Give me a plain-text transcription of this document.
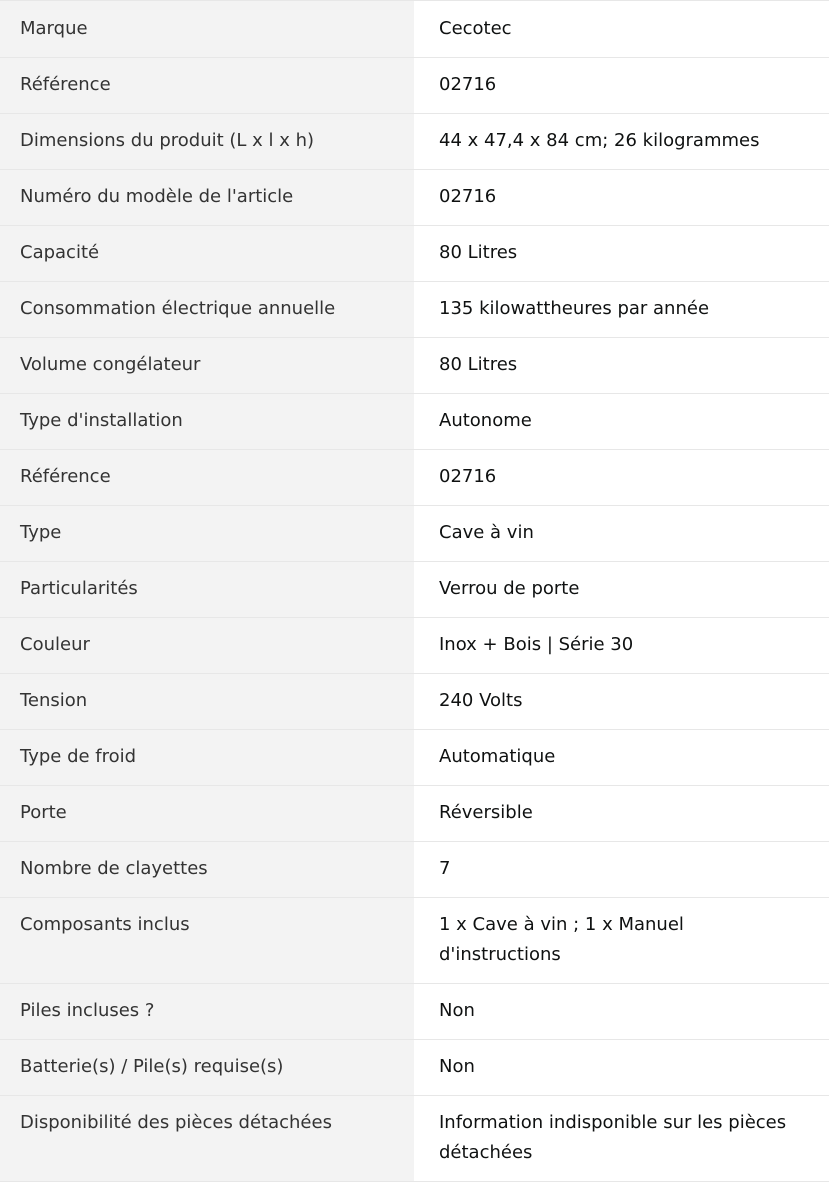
Marque	Cecotec
Référence	02716
Dimensions du produit (L x l x h)	44 x 47,4 x 84 cm; 26 kilogrammes
Numéro du modèle de l'article	02716
Capacité	80 Litres
Consommation électrique annuelle	135 kilowattheures par année
Volume congélateur	80 Litres
Type d'installation	Autonome
Référence	02716
Type	Cave à vin
Particularités	Verrou de porte
Couleur	Inox + Bois | Série 30
Tension	240 Volts
Type de froid	Automatique
Porte	Réversible
Nombre de clayettes	7
Composants inclus	1 x Cave à vin ; 1 x Manuel d'instructions
Piles incluses ?	Non
Batterie(s) / Pile(s) requise(s)	Non
Disponibilité des pièces détachées	Information indisponible sur les pièces détachées
